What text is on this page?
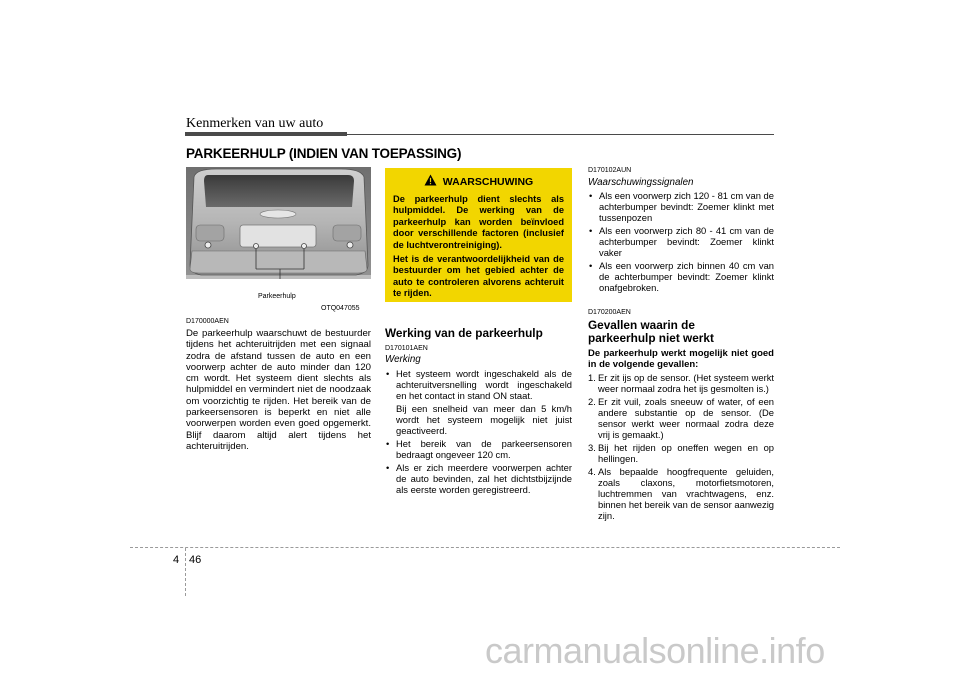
Kenmerken van uw auto
PARKEERHULP (INDIEN VAN TOEPASSING)
Parkeerhulp
OTQ047055
D170000AEN

De parkeerhulp waarschuwt de bestuurder tijdens het achteruitrijden met een signaal zodra de afstand tussen de auto en een voorwerp achter de auto minder dan 120 cm wordt. Het systeem dient slechts als hulpmiddel en vermindert niet de noodzaak om voorzichtig te rijden. Het bereik van de parkeersensoren is beperkt en niet alle voorwerpen worden even goed opgemerkt. Blijf daarom altijd alert tijdens het achteruitrijden.

WAARSCHUWING

De parkeerhulp dient slechts als hulpmiddel. De werking van de parkeerhulp kan worden beïnvloed door verschillende factoren (inclusief de luchtverontreiniging).

Het is de verantwoordelijkheid van de bestuurder om het gebied achter de auto te controleren alvorens achteruit te rijden.

Werking van de parkeerhulp
D170101AEN
Werking
• Het systeem wordt ingeschakeld als de achteruitversnelling wordt ingeschakeld en het contact in stand ON staat.
Bij een snelheid van meer dan 5 km/h wordt het systeem mogelijk niet juist geactiveerd.
• Het bereik van de parkeersensoren bedraagt ongeveer 120 cm.
• Als er zich meerdere voorwerpen achter de auto bevinden, zal het dichtstbijzijnde als eerste worden geregistreerd.
D170102AUN
Waarschuwingssignalen
• Als een voorwerp zich 120 - 81 cm van de achterbumper bevindt: Zoemer klinkt met tussenpozen
• Als een voorwerp zich 80 - 41 cm van de achterbumper bevindt: Zoemer klinkt vaker
• Als een voorwerp zich binnen 40 cm van de achterbumper bevindt: Zoemer klinkt onafgebroken.
D170200AEN
Gevallen waarin de parkeerhulp niet werkt
De parkeerhulp werkt mogelijk niet goed in de volgende gevallen:
1. Er zit ijs op de sensor. (Het systeem werkt weer normaal zodra het ijs gesmolten is.)
2. Er zit vuil, zoals sneeuw of water, of een andere substantie op de sensor. (De sensor werkt weer normaal zodra deze vrij is gemaakt.)
3. Bij het rijden op oneffen wegen en op hellingen.
4. Als bepaalde hoogfrequente geluiden, zoals claxons, motorfietsmotoren, luchtremmen van vrachtwagens, enz. binnen het bereik van de sensor aanwezig zijn.
4 46
carmanualsonline.info
